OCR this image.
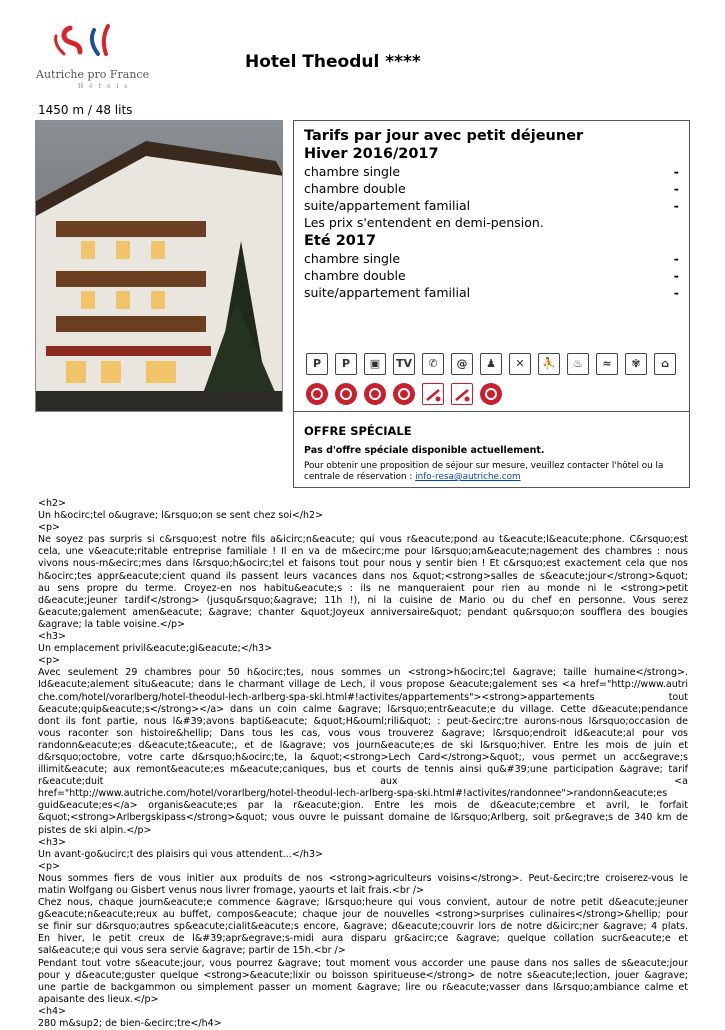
Autriche pro France
H ô t e l s
Hotel Theodul ****
1450 m / 48 lits
Tarifs par jour avec petit déjeuner
Hiver 2016/2017
chambre single	-
chambre double	-
suite/appartement familial	-
Les prix s'entendent en demi-pension.
Eté 2017
chambre single	-
chambre double	-
suite/appartement familial	-
P	P	▣	TV	✆	@	♟	✕	⛹	♨	≈	✾	⌂
OFFRE SPÉCIALE
Pas d'offre spéciale disponible actuellement.
Pour obtenir une proposition de séjour sur mesure, veuillez contacter l'hôtel ou la centrale de réservation : info-resa@autriche.com
<h2>
Un h&ocirc;tel o&ugrave; l&rsquo;on se sent chez soi</h2>
<p>
Ne soyez pas surpris si c&rsquo;est notre fils a&icirc;n&eacute; qui vous r&eacute;pond au t&eacute;l&eacute;phone. C&rsquo;est
cela, une v&eacute;ritable entreprise familiale ! Il en va de m&ecirc;me pour l&rsquo;am&eacute;nagement des chambres : nous
vivons nous-m&ecirc;mes dans l&rsquo;h&ocirc;tel et faisons tout pour nous y sentir bien ! Et c&rsquo;est exactement cela que nos
h&ocirc;tes appr&eacute;cient quand ils passent leurs vacances dans nos &quot;<strong>salles de s&eacute;jour</strong>&quot;
au sens propre du terme. Croyez-en nos habitu&eacute;s : ils ne manqueraient pour rien au monde ni le <strong>petit
d&eacute;jeuner tardif</strong> (jusqu&rsquo;&agrave; 11h !), ni la cuisine de Mario ou du chef en personne. Vous serez
&eacute;galement amen&eacute; &agrave; chanter &quot;Joyeux anniversaire&quot; pendant qu&rsquo;on soufflera des bougies
&agrave; la table voisine.</p>
<h3>
Un emplacement privil&eacute;gi&eacute;</h3>
<p>
Avec seulement 29 chambres pour 50 h&ocirc;tes, nous sommes un <strong>h&ocirc;tel &agrave; taille humaine</strong>.
Id&eacute;alement situ&eacute; dans le charmant village de Lech, il vous propose &eacute;galement ses <a href="http://www.autri
che.com/hotel/vorarlberg/hotel-theodul-lech-arlberg-spa-ski.html#!activites/appartements"><strong>appartements tout
&eacute;quip&eacute;s</strong></a> dans un coin calme &agrave; l&rsquo;entr&eacute;e du village. Cette d&eacute;pendance
dont ils font partie, nous l&#39;avons bapti&eacute; &quot;H&ouml;rili&quot; : peut-&ecirc;tre aurons-nous l&rsquo;occasion de
vous raconter son histoire&hellip; Dans tous les cas, vous vous trouverez &agrave; l&rsquo;endroit id&eacute;al pour vos
randonn&eacute;es d&eacute;t&eacute;, et de l&agrave; vos journ&eacute;es de ski l&rsquo;hiver. Entre les mois de juin et
d&rsquo;octobre, votre carte d&rsquo;h&ocirc;te, la &quot;<strong>Lech Card</strong>&quot;, vous permet un acc&egrave;s
illimit&eacute; aux remont&eacute;es m&eacute;caniques, bus et courts de tennis ainsi qu&#39;une participation &agrave; tarif
r&eacute;duit aux <a
href="http://www.autriche.com/hotel/vorarlberg/hotel-theodul-lech-arlberg-spa-ski.html#!activites/randonnee">randonn&eacute;es
guid&eacute;es</a> organis&eacute;es par la r&eacute;gion. Entre les mois de d&eacute;cembre et avril, le forfait
&quot;<strong>Arlbergskipass</strong>&quot; vous ouvre le puissant domaine de l&rsquo;Arlberg, soit pr&egrave;s de 340 km de
pistes de ski alpin.</p>
<h3>
Un avant-go&ucirc;t des plaisirs qui vous attendent...</h3>
<p>
Nous sommes fiers de vous initier aux produits de nos <strong>agriculteurs voisins</strong>. Peut-&ecirc;tre croiserez-vous le
matin Wolfgang ou Gisbert venus nous livrer fromage, yaourts et lait frais.<br />
Chez nous, chaque journ&eacute;e commence &agrave; l&rsquo;heure qui vous convient, autour de notre petit d&eacute;jeuner
g&eacute;n&eacute;reux au buffet, compos&eacute; chaque jour de nouvelles <strong>surprises culinaires</strong>&hellip; pour
se finir sur d&rsquo;autres sp&eacute;cialit&eacute;s encore, &agrave; d&eacute;couvrir lors de notre d&icirc;ner &agrave; 4 plats.
En hiver, le petit creux de l&#39;apr&egrave;s-midi aura disparu gr&acirc;ce &agrave; quelque collation sucr&eacute;e et
sal&eacute;e qui vous sera servie &agrave; partir de 15h.<br />
Pendant tout votre s&eacute;jour, vous pourrez &agrave; tout moment vous accorder une pause dans nos salles de s&eacute;jour
pour y d&eacute;guster quelque <strong>&eacute;lixir ou boisson spiritueuse</strong> de notre s&eacute;lection, jouer &agrave;
une partie de backgammon ou simplement passer un moment &agrave; lire ou r&eacute;vasser dans l&rsquo;ambiance calme et
apaisante des lieux.</p>
<h4>
280 m&sup2; de bien-&ecirc;tre</h4>
